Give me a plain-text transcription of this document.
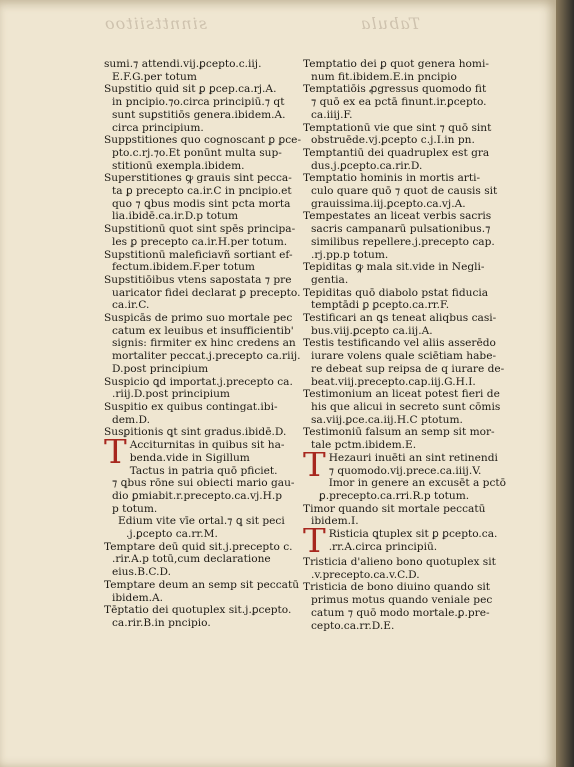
sinnttsiitoo	Tabula

sumi.⁊ attendi.vij.ꝑcepto.c.iij.

E.F.G.per totum

Supstitio quid sit ꝑ ꝑcep.ca.rj.A.

in pncipio.⁊o.circa principiū.⁊ qt

sunt suꝑstitiōs genera.ibidem.A.

circa principium.

Suppstitiones quo cognoscant ꝑ ꝑce-

pto.c.rj.⁊o.Et ponūnt multa sup-

stitionū exempla.ibidem.

Superstitiones ꝙ grauis sint pecca-

ta ꝑ precepto ca.ir.C in pncipio.et

quo ⁊ ꝗbus modis sint pcta morta

lia.ibidē.ca.ir.D.p totum

Supstitionū quot sint spēs principa-

les ꝑ precepto ca.ir.H.per totum.

Supstitionū maleficiavñ sortiant ef-

fectum.ibidem.F.per totum

Supstitiōibus vtens sapostata ⁊ pre

uaricator fidei declarat ꝑ precepto.

ca.ir.C.

Suspicās de primo suo mortale pec

catum ex leuibus et insufficientib'

signis: firmiter ex hinc credens an

mortaliter peccat.j.precepto ca.riij.

D.post principium

Suspicio ꝗd importat.j.precepto ca.

.riij.D.post principium

Suspitio ex quibus contingat.ibi-

dem.D.

Susꝑitionis ꝗt sint gradus.ibidē.D.

T Acciturnitas in quibus sit ha-

benda.vide in Sigillum

Tactus in patria quō pficiet.

⁊ ꝗbus rōne sui obiecti mario gau-

dio ꝑmiabit.r.precepto.ca.vj.H.p

p totum.

Edium vite vīe ortal.⁊ ꝗ sit peci

.j.ꝑcepto ca.rr.M.

Temptare deū quid sit.j.precepto c.

.rir.A.p totū,cum declaratione

eius.B.C.D.

Temptare deum an semp sit peccatū

ibidem.A.

Tēptatio dei quotuplex sit.j.ꝑcepto.

ca.rir.B.in pncipio.

Temptatio dei ꝑ quot genera homi-

num fit.ibidem.E.in pncipio

Temptatiōis ꝓgressus quomodo fit

⁊ quō ex ea pctā finunt.ir.ꝑcepto.

ca.iiij.F.

Temptationū vie que sint ⁊ quō sint

obstruēde.vj.ꝑcepto c.j.I.in pn.

Temptantiū dei quadruplex est gra

dus.j.ꝑcepto.ca.rir.D.

Temptatio hominis in mortis arti-

culo quare quō ⁊ quot de causis sit

grauissima.iij.ꝑcepto.ca.vj.A.

Tempestates an liceat verbis sacris

sacris campanarū pulsationibus.⁊

similibus repellere.j.precepto cap.

.rj.pp.p totum.

Tepiditas ꝙ mala sit.vide in Negli-

gentia.

Tepiditas quō diabolo pstat fiducia

temptādi ꝑ ꝑcepto.ca.rr.F.

Testificari an ꝗs teneat aliqbus casi-

bus.viij.ꝑcepto ca.iij.A.

Testis testificando vel aliis asserēdo

iurare volens quale sciētiam habe-

re debeat sup reipsa de q iurare de-

beat.viij.precepto.cap.iij.G.H.I.

Testimonium an liceat potest fieri de

his que alicui in secreto sunt cōmis

sa.viij.ꝑce.ca.iij.H.C ptotum.

Testimoniū falsum an semp sit mor-

tale pctm.ibidem.E.

T Hezauri inuēti an sint retinendi

⁊ quomodo.vij.prece.ca.iiij.V.

Imor in genere an excusēt a pctō

ꝑ.precepto.ca.rri.R.p totum.

Timor quando sit mortale peccatū

ibidem.I.

T Risticia ꝗtuplex sit ꝑ ꝑcepto.ca.

.rr.A.circa principiū.

Tristicia d'alieno bono quotuplex sit

.v.precepto.ca.v.C.D.

Tristicia de bono diuino quando sit

primus motus quando veniale pec

catum ⁊ quō modo mortale.ꝑ.pre-

cepto.ca.rr.D.E.
